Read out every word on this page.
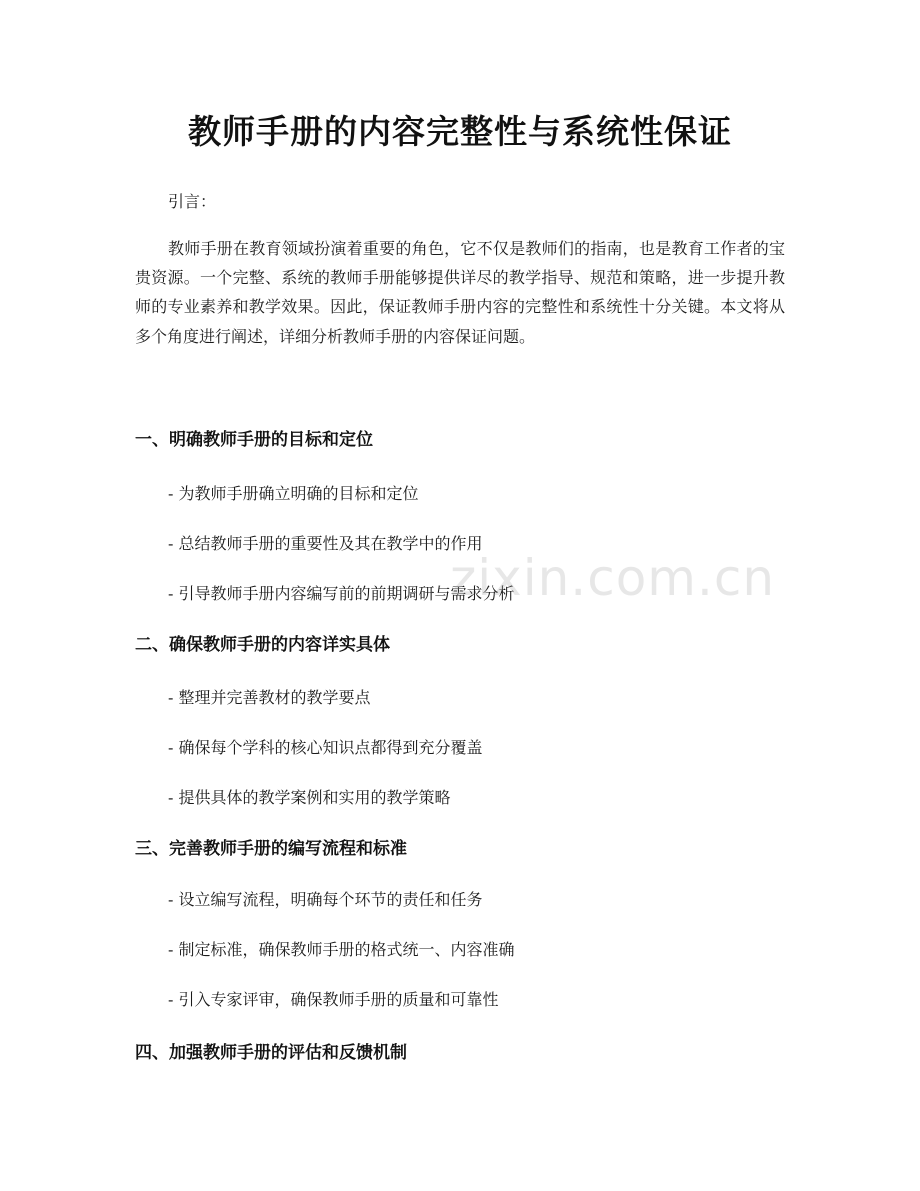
教师手册的内容完整性与系统性保证
引言：
教师手册在教育领域扮演着重要的角色，它不仅是教师们的指南，也是教育工作者的宝贵资源。一个完整、系统的教师手册能够提供详尽的教学指导、规范和策略，进一步提升教师的专业素养和教学效果。因此，保证教师手册内容的完整性和系统性十分关键。本文将从多个角度进行阐述，详细分析教师手册的内容保证问题。
一、明确教师手册的目标和定位
- 为教师手册确立明确的目标和定位
- 总结教师手册的重要性及其在教学中的作用
- 引导教师手册内容编写前的前期调研与需求分析
二、确保教师手册的内容详实具体
- 整理并完善教材的教学要点
- 确保每个学科的核心知识点都得到充分覆盖
- 提供具体的教学案例和实用的教学策略
三、完善教师手册的编写流程和标准
- 设立编写流程，明确每个环节的责任和任务
- 制定标准，确保教师手册的格式统一、内容准确
- 引入专家评审，确保教师手册的质量和可靠性
四、加强教师手册的评估和反馈机制
zixin.com.cn
